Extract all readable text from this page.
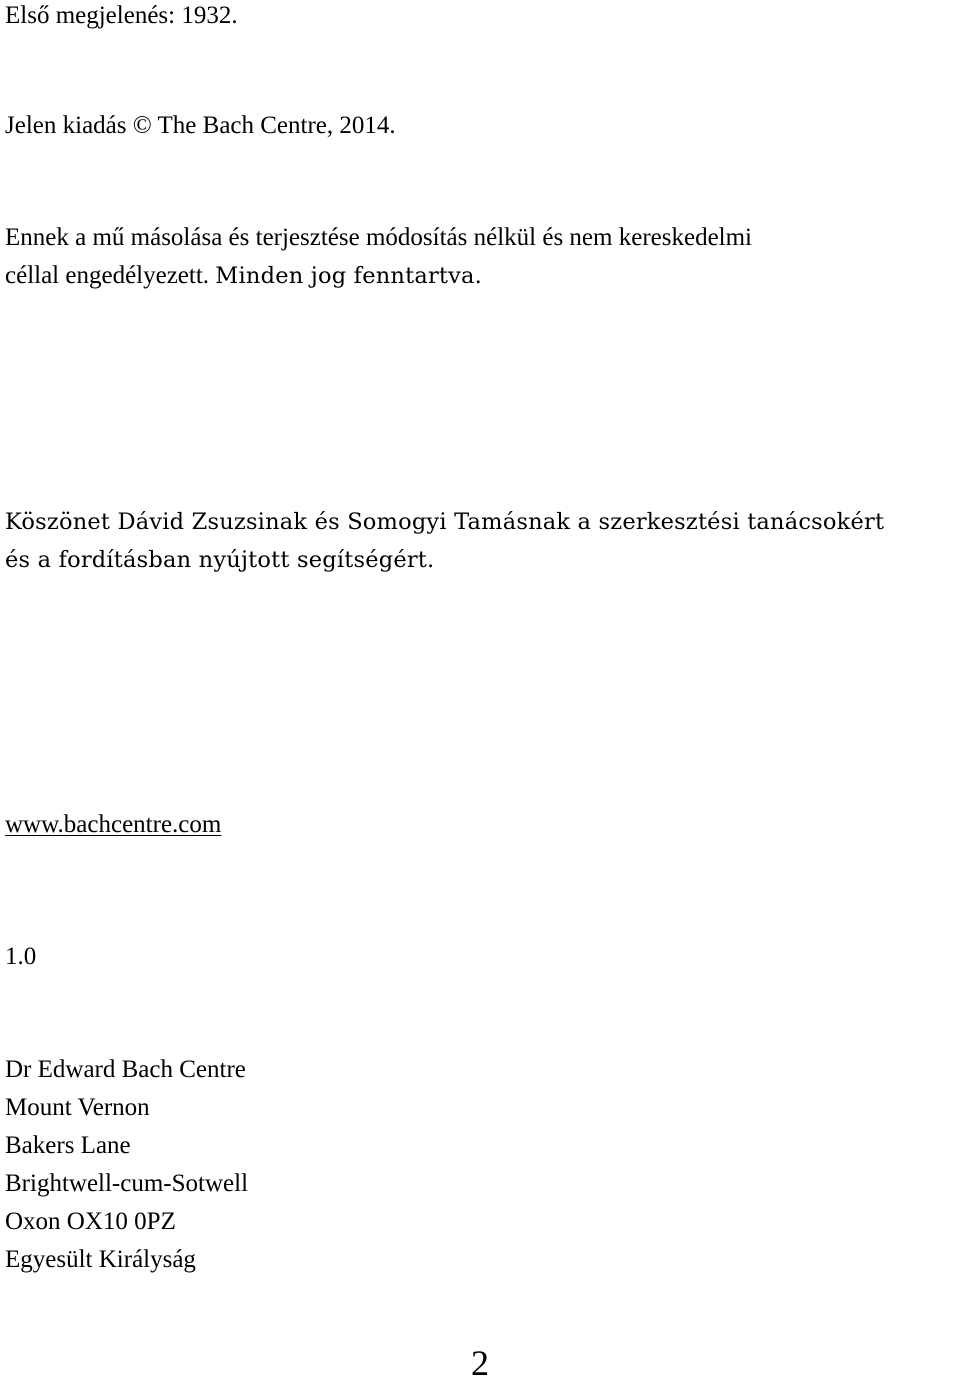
Első megjelenés: 1932.

Jelen kiadás © The Bach Centre, 2014.

Ennek a mű másolása és terjesztése módosítás nélkül és nem kereskedelmi
céllal engedélyezett. Minden jog fenntartva.
Köszönet Dávid Zsuzsinak és Somogyi Tamásnak a szerkesztési tanácsokért
és a fordításban nyújtott segítségért.

www.bachcentre.com

1.0

Dr Edward Bach Centre
Mount Vernon
Bakers Lane
Brightwell-cum-Sotwell
Oxon OX10 0PZ
Egyesült Királyság
2
